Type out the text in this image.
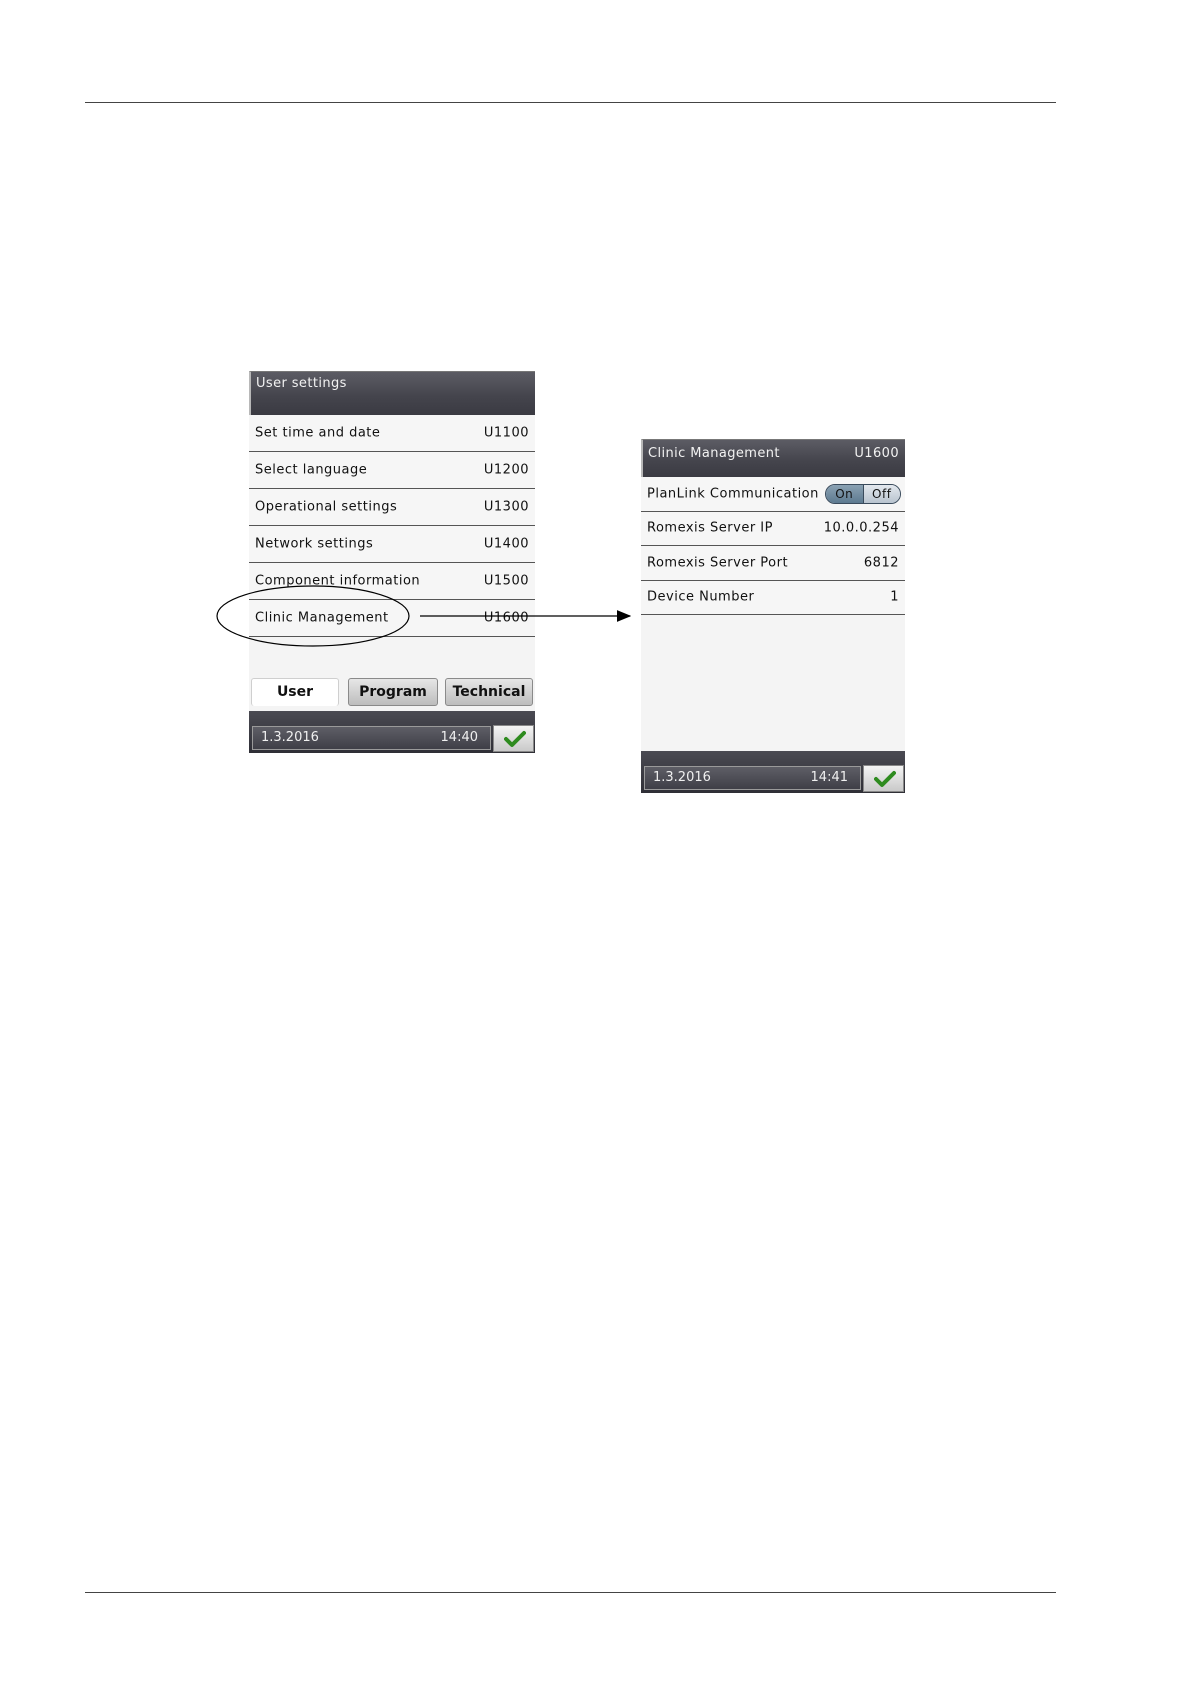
User settings
Set time and date	U1100
Select language	U1200
Operational settings	U1300
Network settings	U1400
Component information	U1500
Clinic Management	U1600
User	Program	Technical
1.3.2016	14:40
Clinic Management	U1600
PlanLink Communication	On	Off
Romexis Server IP	10.0.0.254
Romexis Server Port	6812
Device Number	1
1.3.2016	14:41
